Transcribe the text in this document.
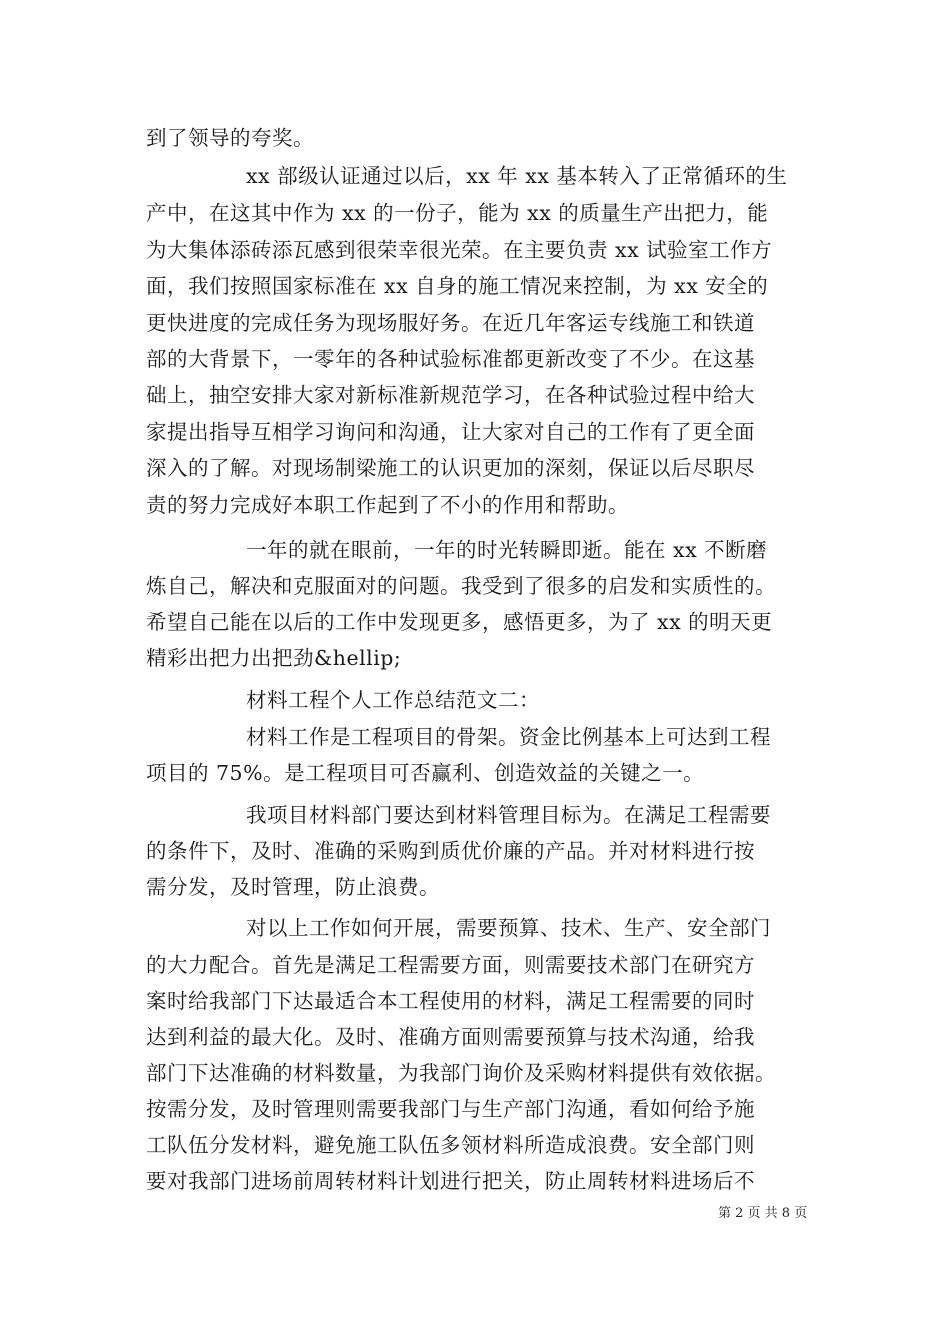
到了领导的夸奖。
xx 部级认证通过以后，xx 年 xx 基本转入了正常循环的生
产中，在这其中作为 xx 的一份子，能为 xx 的质量生产出把力，能
为大集体添砖添瓦感到很荣幸很光荣。在主要负责 xx 试验室工作方
面，我们按照国家标准在 xx 自身的施工情况来控制，为 xx 安全的
更快进度的完成任务为现场服好务。在近几年客运专线施工和铁道
部的大背景下，一零年的各种试验标准都更新改变了不少。在这基
础上，抽空安排大家对新标准新规范学习，在各种试验过程中给大
家提出指导互相学习询问和沟通，让大家对自己的工作有了更全面
深入的了解。对现场制梁施工的认识更加的深刻，保证以后尽职尽
责的努力完成好本职工作起到了不小的作用和帮助。
一年的就在眼前，一年的时光转瞬即逝。能在 xx 不断磨
炼自己，解决和克服面对的问题。我受到了很多的启发和实质性的。
希望自己能在以后的工作中发现更多，感悟更多，为了 xx 的明天更
精彩出把力出把劲&hellip;
材料工程个人工作总结范文二：
材料工作是工程项目的骨架。资金比例基本上可达到工程
项目的 75%。是工程项目可否赢利、创造效益的关键之一。
我项目材料部门要达到材料管理目标为。在满足工程需要
的条件下，及时、准确的采购到质优价廉的产品。并对材料进行按
需分发，及时管理，防止浪费。
对以上工作如何开展，需要预算、技术、生产、安全部门
的大力配合。首先是满足工程需要方面，则需要技术部门在研究方
案时给我部门下达最适合本工程使用的材料，满足工程需要的同时
达到利益的最大化。及时、准确方面则需要预算与技术沟通，给我
部门下达准确的材料数量，为我部门询价及采购材料提供有效依据。
按需分发，及时管理则需要我部门与生产部门沟通，看如何给予施
工队伍分发材料，避免施工队伍多领材料所造成浪费。安全部门则
要对我部门进场前周转材料计划进行把关，防止周转材料进场后不
第 2 页 共 8 页
